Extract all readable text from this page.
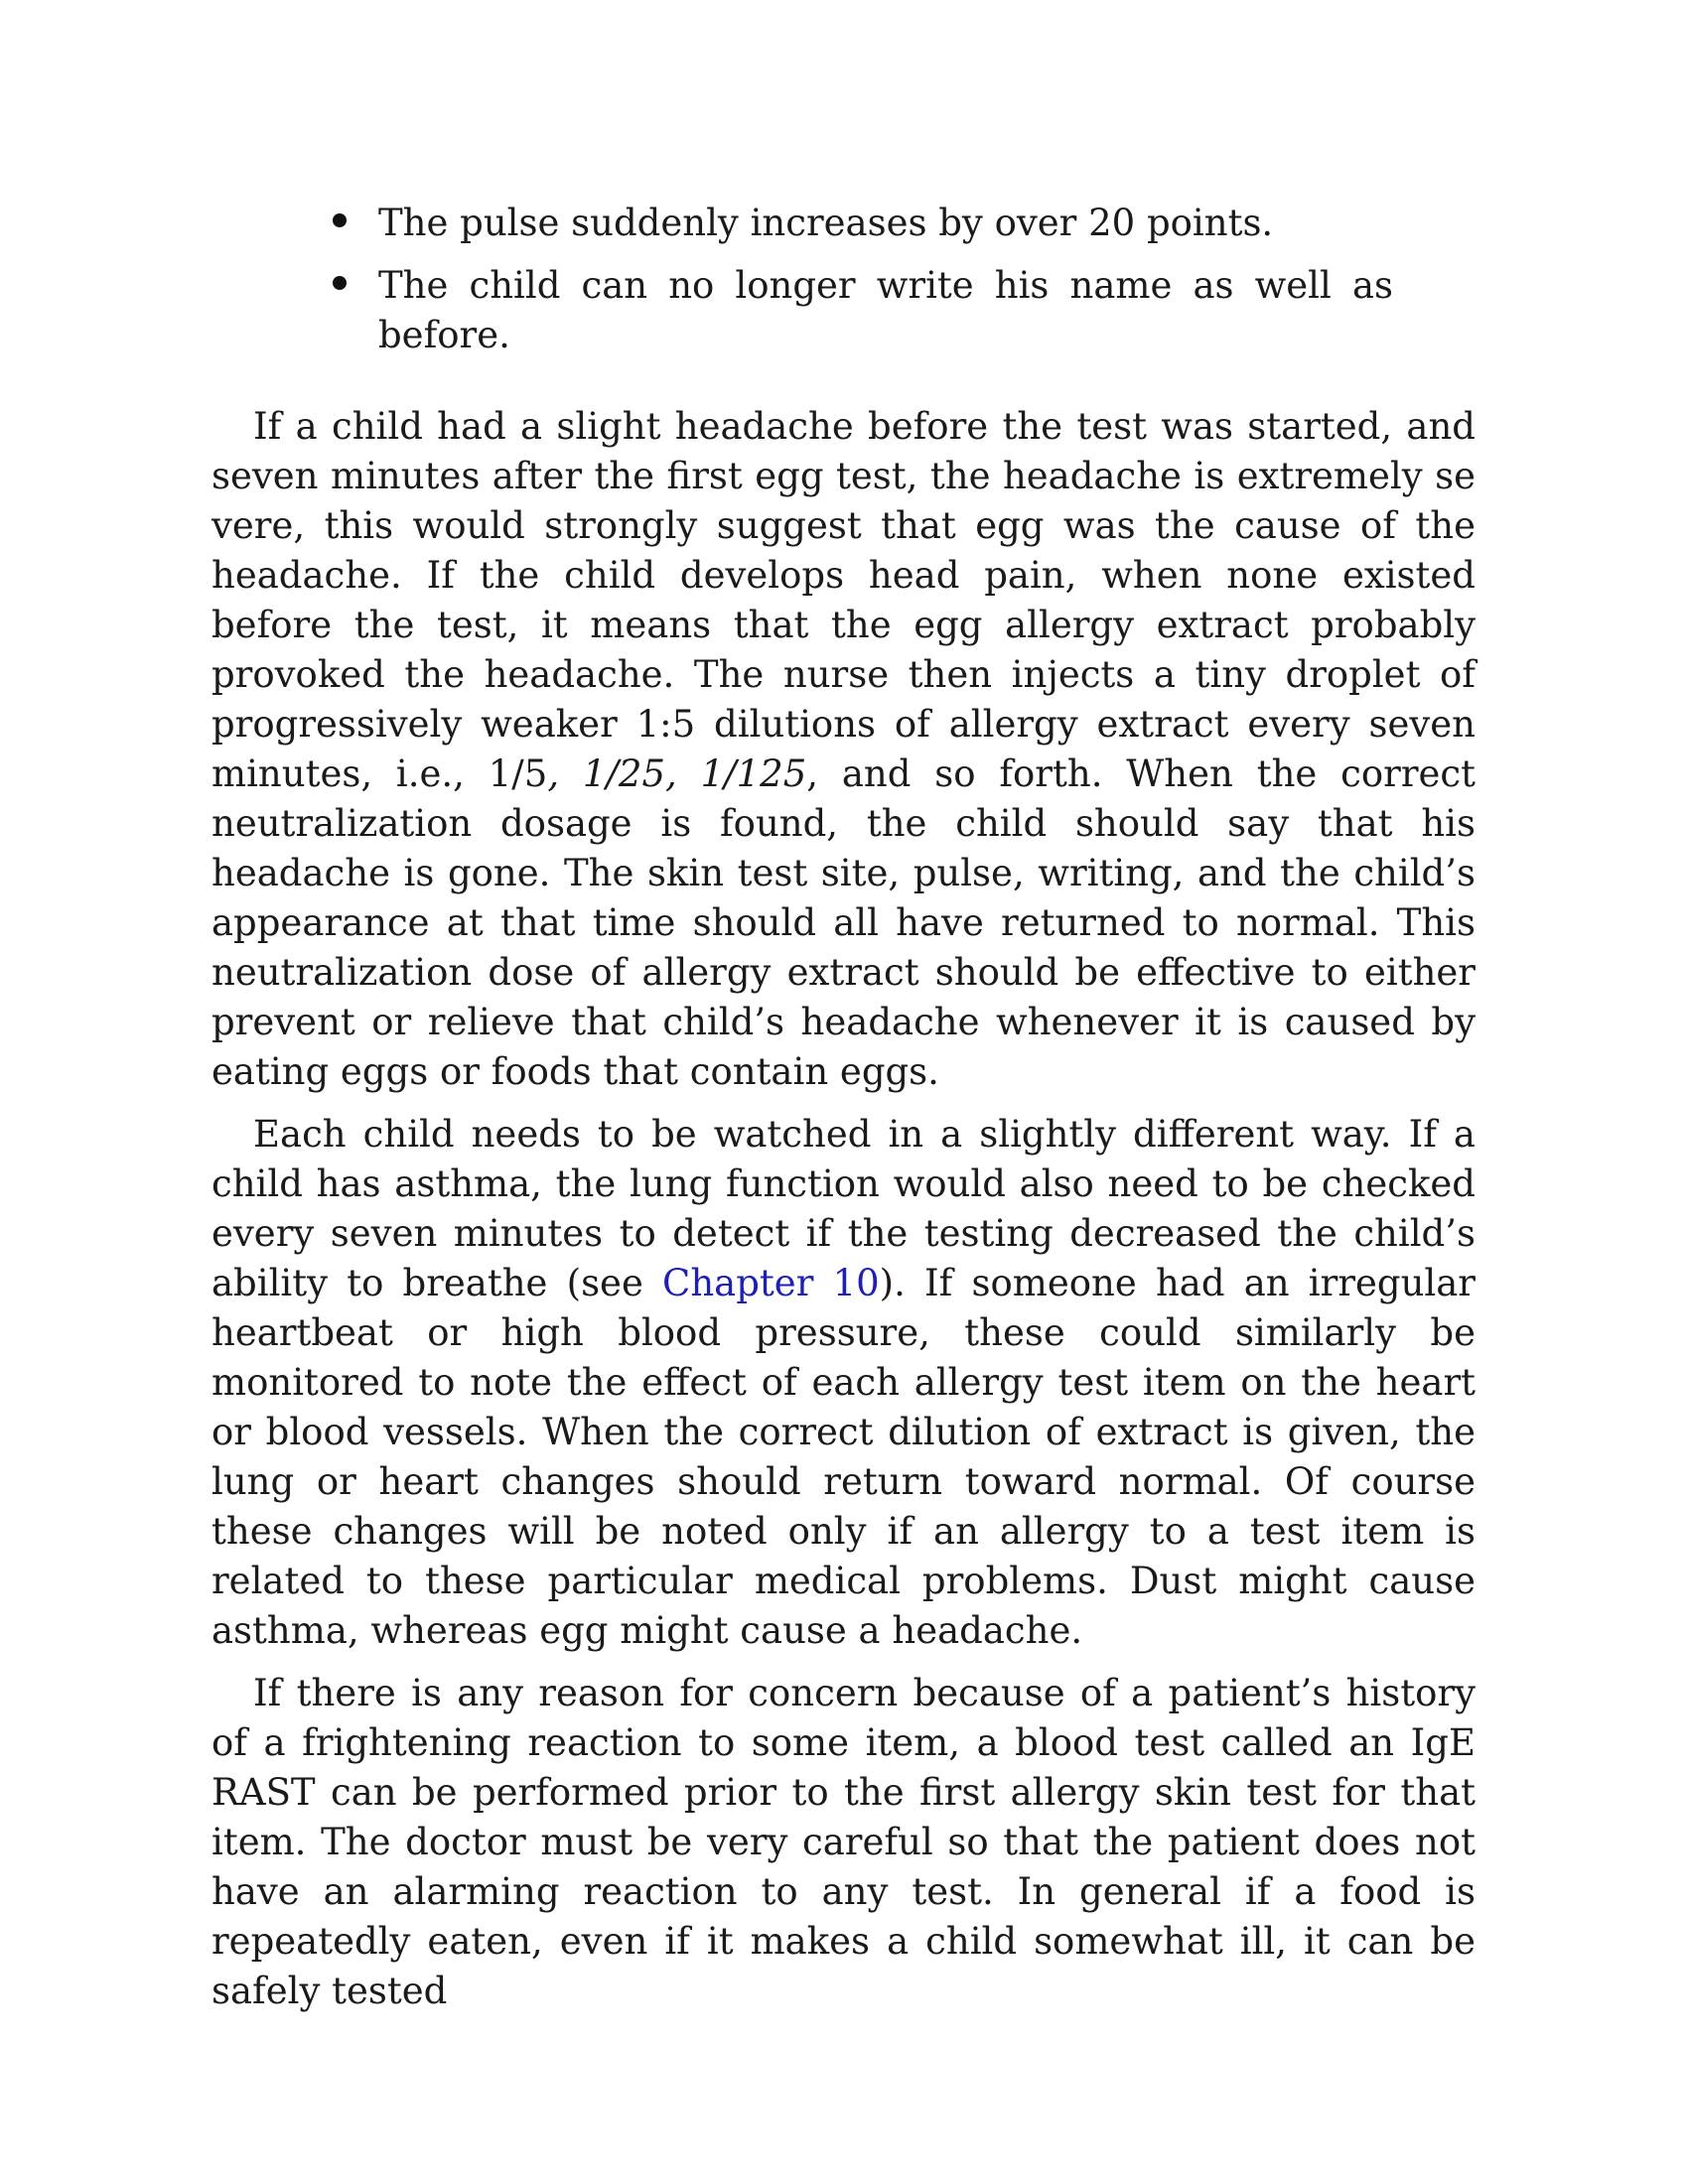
The pulse suddenly increases by over 20 points.
The child can no longer write his name as well as before.

If a child had a slight headache before the test was started, and seven minutes after the first egg test, the headache is extremely se vere, this would strongly suggest that egg was the cause of the headache. If the child develops head pain, when none existed before the test, it means that the egg allergy extract probably provoked the headache. The nurse then injects a tiny droplet of progressively weaker 1:5 dilutions of allergy extract every seven minutes, i.e., 1/5, 1/25, 1/125, and so forth. When the correct neutralization dosage is found, the child should say that his headache is gone. The skin test site, pulse, writing, and the child’s appearance at that time should all have returned to normal. This neutralization dose of allergy extract should be effective to either prevent or relieve that child’s headache whenever it is caused by eating eggs or foods that contain eggs.

Each child needs to be watched in a slightly different way. If a child has asthma, the lung function would also need to be checked every seven minutes to detect if the testing decreased the child’s ability to breathe (see Chapter 10). If someone had an irregular heartbeat or high blood pressure, these could similarly be monitored to note the effect of each allergy test item on the heart or blood vessels. When the correct dilution of extract is given, the lung or heart changes should return toward normal. Of course these changes will be noted only if an allergy to a test item is related to these particular medical problems. Dust might cause asthma, whereas egg might cause a headache.

If there is any reason for concern because of a patient’s history of a frightening reaction to some item, a blood test called an IgE RAST can be performed prior to the first allergy skin test for that item. The doctor must be very careful so that the patient does not have an alarming reaction to any test. In general if a food is repeatedly eaten, even if it makes a child somewhat ill, it can be safely tested
